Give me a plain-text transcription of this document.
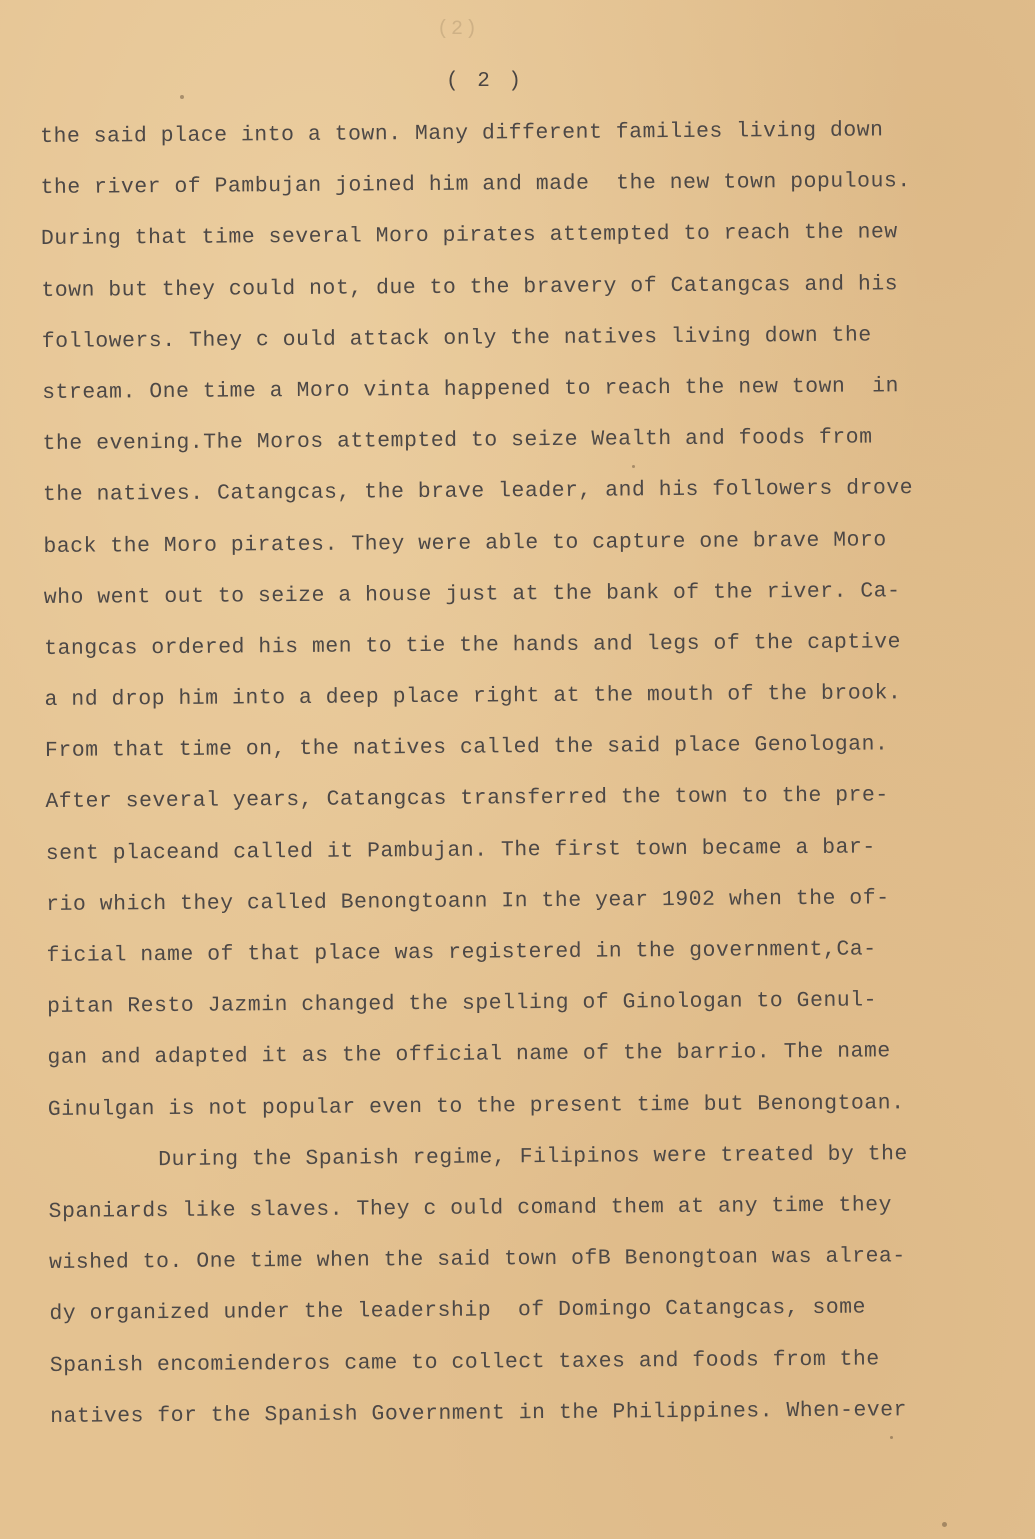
(2)
( 2 )
the said place into a town. Many different families living down
the river of Pambujan joined him and made  the new town populous.
During that time several Moro pirates attempted to reach the new
town but they could not, due to the bravery of Catangcas and his
followers. They c ould attack only the natives living down the
stream. One time a Moro vinta happened to reach the new town  in
the evening.The Moros attempted to seize Wealth and foods from
the natives. Catangcas, the brave leader, and his followers drove
back the Moro pirates. They were able to capture one brave Moro
who went out to seize a house just at the bank of the river. Ca-
tangcas ordered his men to tie the hands and legs of the captive
a nd drop him into a deep place right at the mouth of the brook.
From that time on, the natives called the said place Genologan.
After several years, Catangcas transferred the town to the pre-
sent placeand called it Pambujan. The first town became a bar-
rio which they called Benongtoann In the year 1902 when the of-
ficial name of that place was registered in the government,Ca-
pitan Resto Jazmin changed the spelling of Ginologan to Genul-
gan and adapted it as the official name of the barrio. The name
Ginulgan is not popular even to the present time but Benongtoan.
During the Spanish regime, Filipinos were treated by the
Spaniards like slaves. They c ould comand them at any time they
wished to. One time when the said town ofB Benongtoan was alrea-
dy organized under the leadership  of Domingo Catangcas, some
Spanish encomienderos came to collect taxes and foods from the
natives for the Spanish Government in the Philippines. When-ever
